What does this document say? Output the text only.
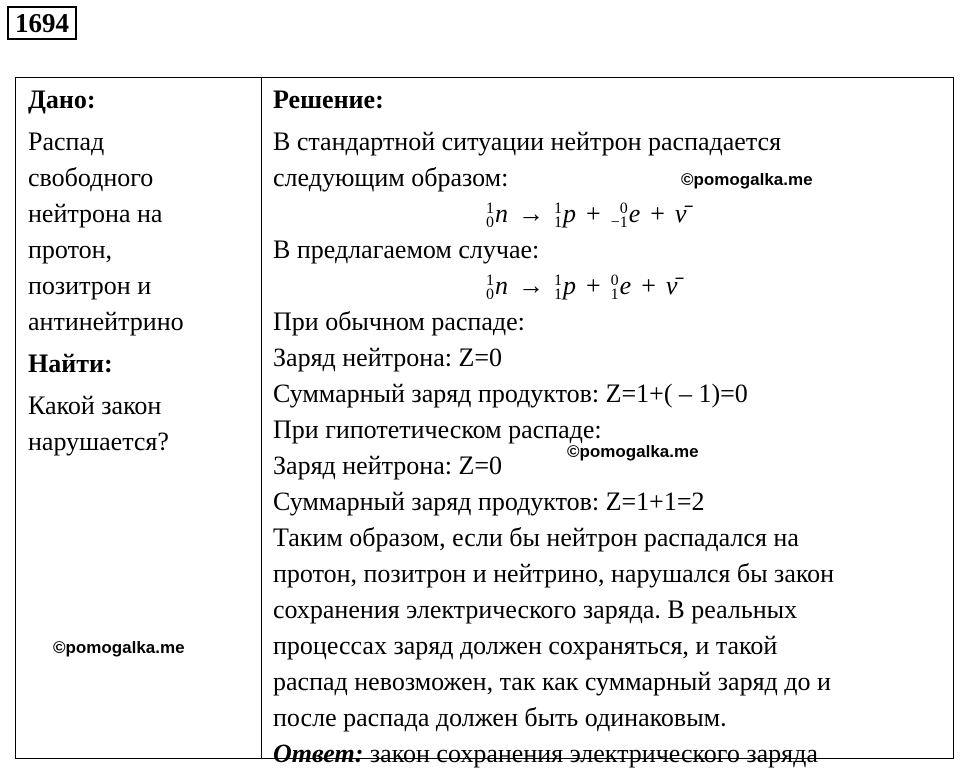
1694
Дано:
Распад
свободного
нейтрона на
протон,
позитрон и
антинейтрино
Найти:
Какой закон
нарушается?
Решение:
В стандартной ситуации нейтрон распадается
следующим образом:
1
0 n → 1
1 p +	0
−1 e + ν̄
В предлагаемом случае:
1
0 n → 1
1 p + 0
1 e + ν̄
При обычном распаде:
Заряд нейтрона: Z=0
Суммарный заряд продуктов: Z=1+( – 1)=0
При гипотетическом распаде:
Заряд нейтрона: Z=0
Суммарный заряд продуктов: Z=1+1=2
Таким образом, если бы нейтрон распадался на
протон, позитрон и нейтрино, нарушался бы закон
сохранения электрического заряда. В реальных
процессах заряд должен сохраняться, и такой
распад невозможен, так как суммарный заряд до и
после распада должен быть одинаковым.
Ответ: закон сохранения электрического заряда
©pomogalka.me
©pomogalka.me
©pomogalka.me
